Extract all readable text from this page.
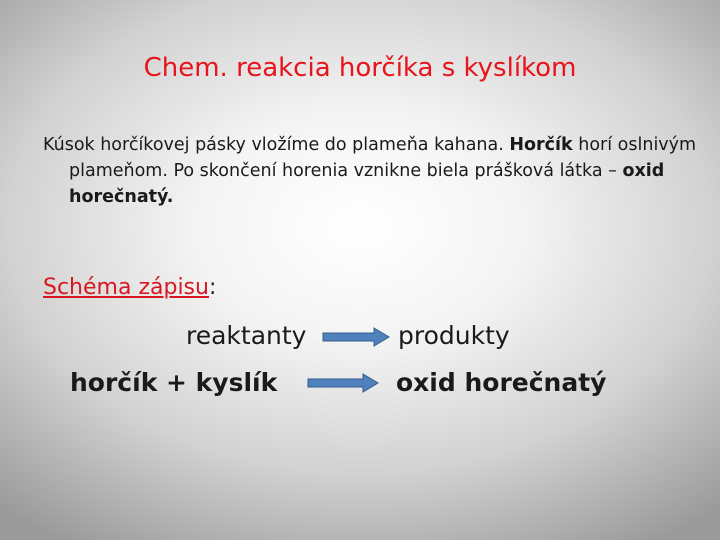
Chem. reakcia horčíka s kyslíkom
Kúsok horčíkovej pásky vložíme do plameňa kahana. Horčík horí oslnivým plameňom. Po skončení horenia vznikne biela prášková látka – oxid horečnatý.
Schéma zápisu:
reaktanty	produkty
horčík + kyslík	oxid horečnatý
